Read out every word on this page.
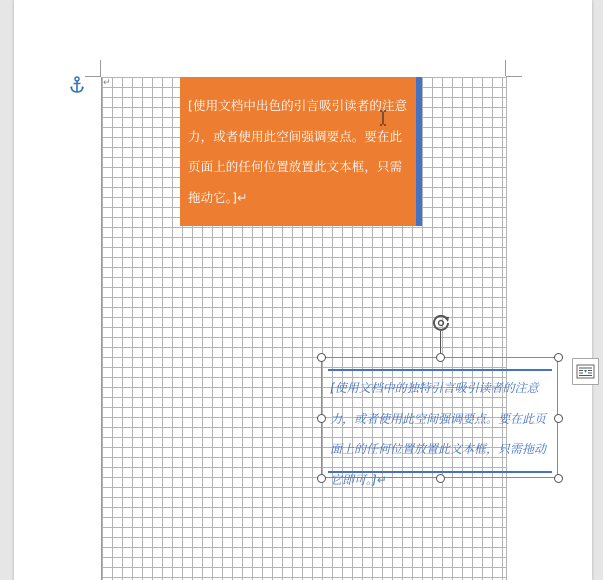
↵
[使用文档中出色的引言吸引读者的注意力，或者使用此空间强调要点。要在此页面上的任何位置放置此文本框，只需拖动它。]↵
[使用文档中的独特引言吸引读者的注意力，或者使用此空间强调要点。要在此页面上的任何位置放置此文本框，只需拖动它即可。]↵
